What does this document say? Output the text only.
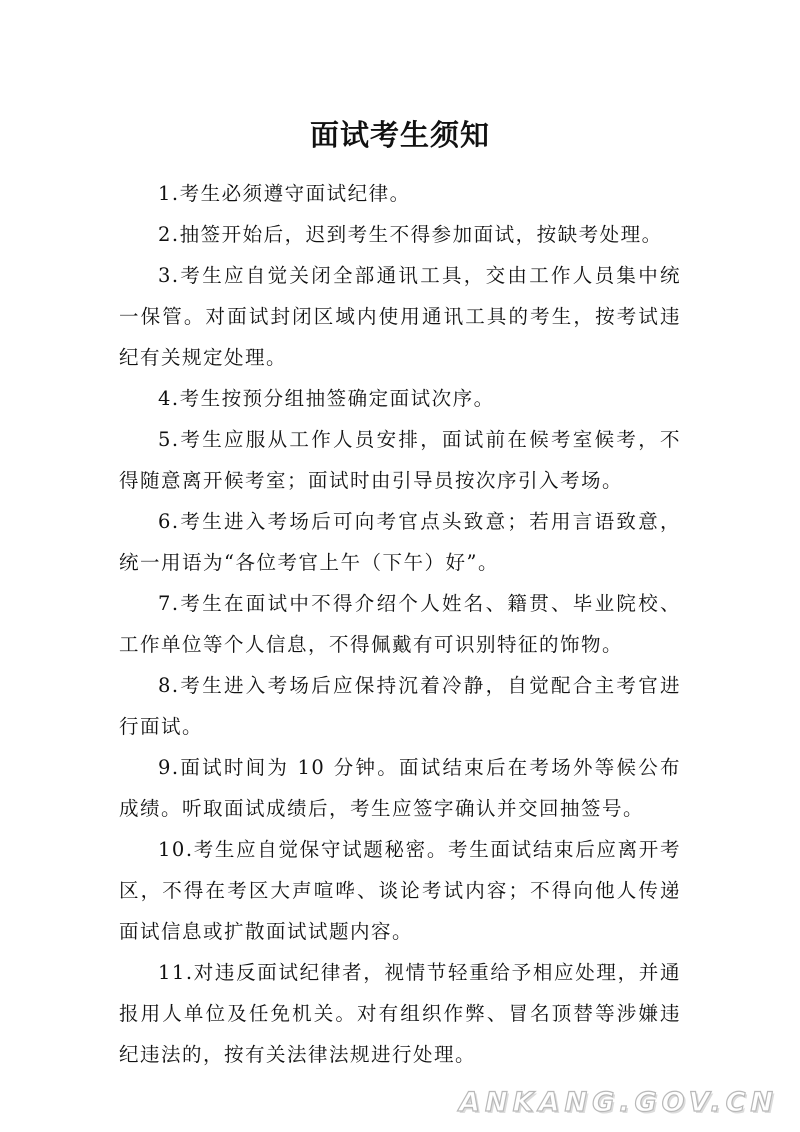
面试考生须知

1.考生必须遵守面试纪律。

2.抽签开始后，迟到考生不得参加面试，按缺考处理。

3.考生应自觉关闭全部通讯工具，交由工作人员集中统一保管。对面试封闭区域内使用通讯工具的考生，按考试违纪有关规定处理。

4.考生按预分组抽签确定面试次序。

5.考生应服从工作人员安排，面试前在候考室候考，不得随意离开候考室；面试时由引导员按次序引入考场。

6.考生进入考场后可向考官点头致意；若用言语致意，统一用语为“各位考官上午（下午）好”。

7.考生在面试中不得介绍个人姓名、籍贯、毕业院校、工作单位等个人信息，不得佩戴有可识别特征的饰物。

8.考生进入考场后应保持沉着冷静，自觉配合主考官进行面试。

9.面试时间为 10 分钟。面试结束后在考场外等候公布成绩。听取面试成绩后，考生应签字确认并交回抽签号。

10.考生应自觉保守试题秘密。考生面试结束后应离开考区，不得在考区大声喧哗、谈论考试内容；不得向他人传递面试信息或扩散面试试题内容。

11.对违反面试纪律者，视情节轻重给予相应处理，并通报用人单位及任免机关。对有组织作弊、冒名顶替等涉嫌违纪违法的，按有关法律法规进行处理。

ANKANG.GOV.CN
